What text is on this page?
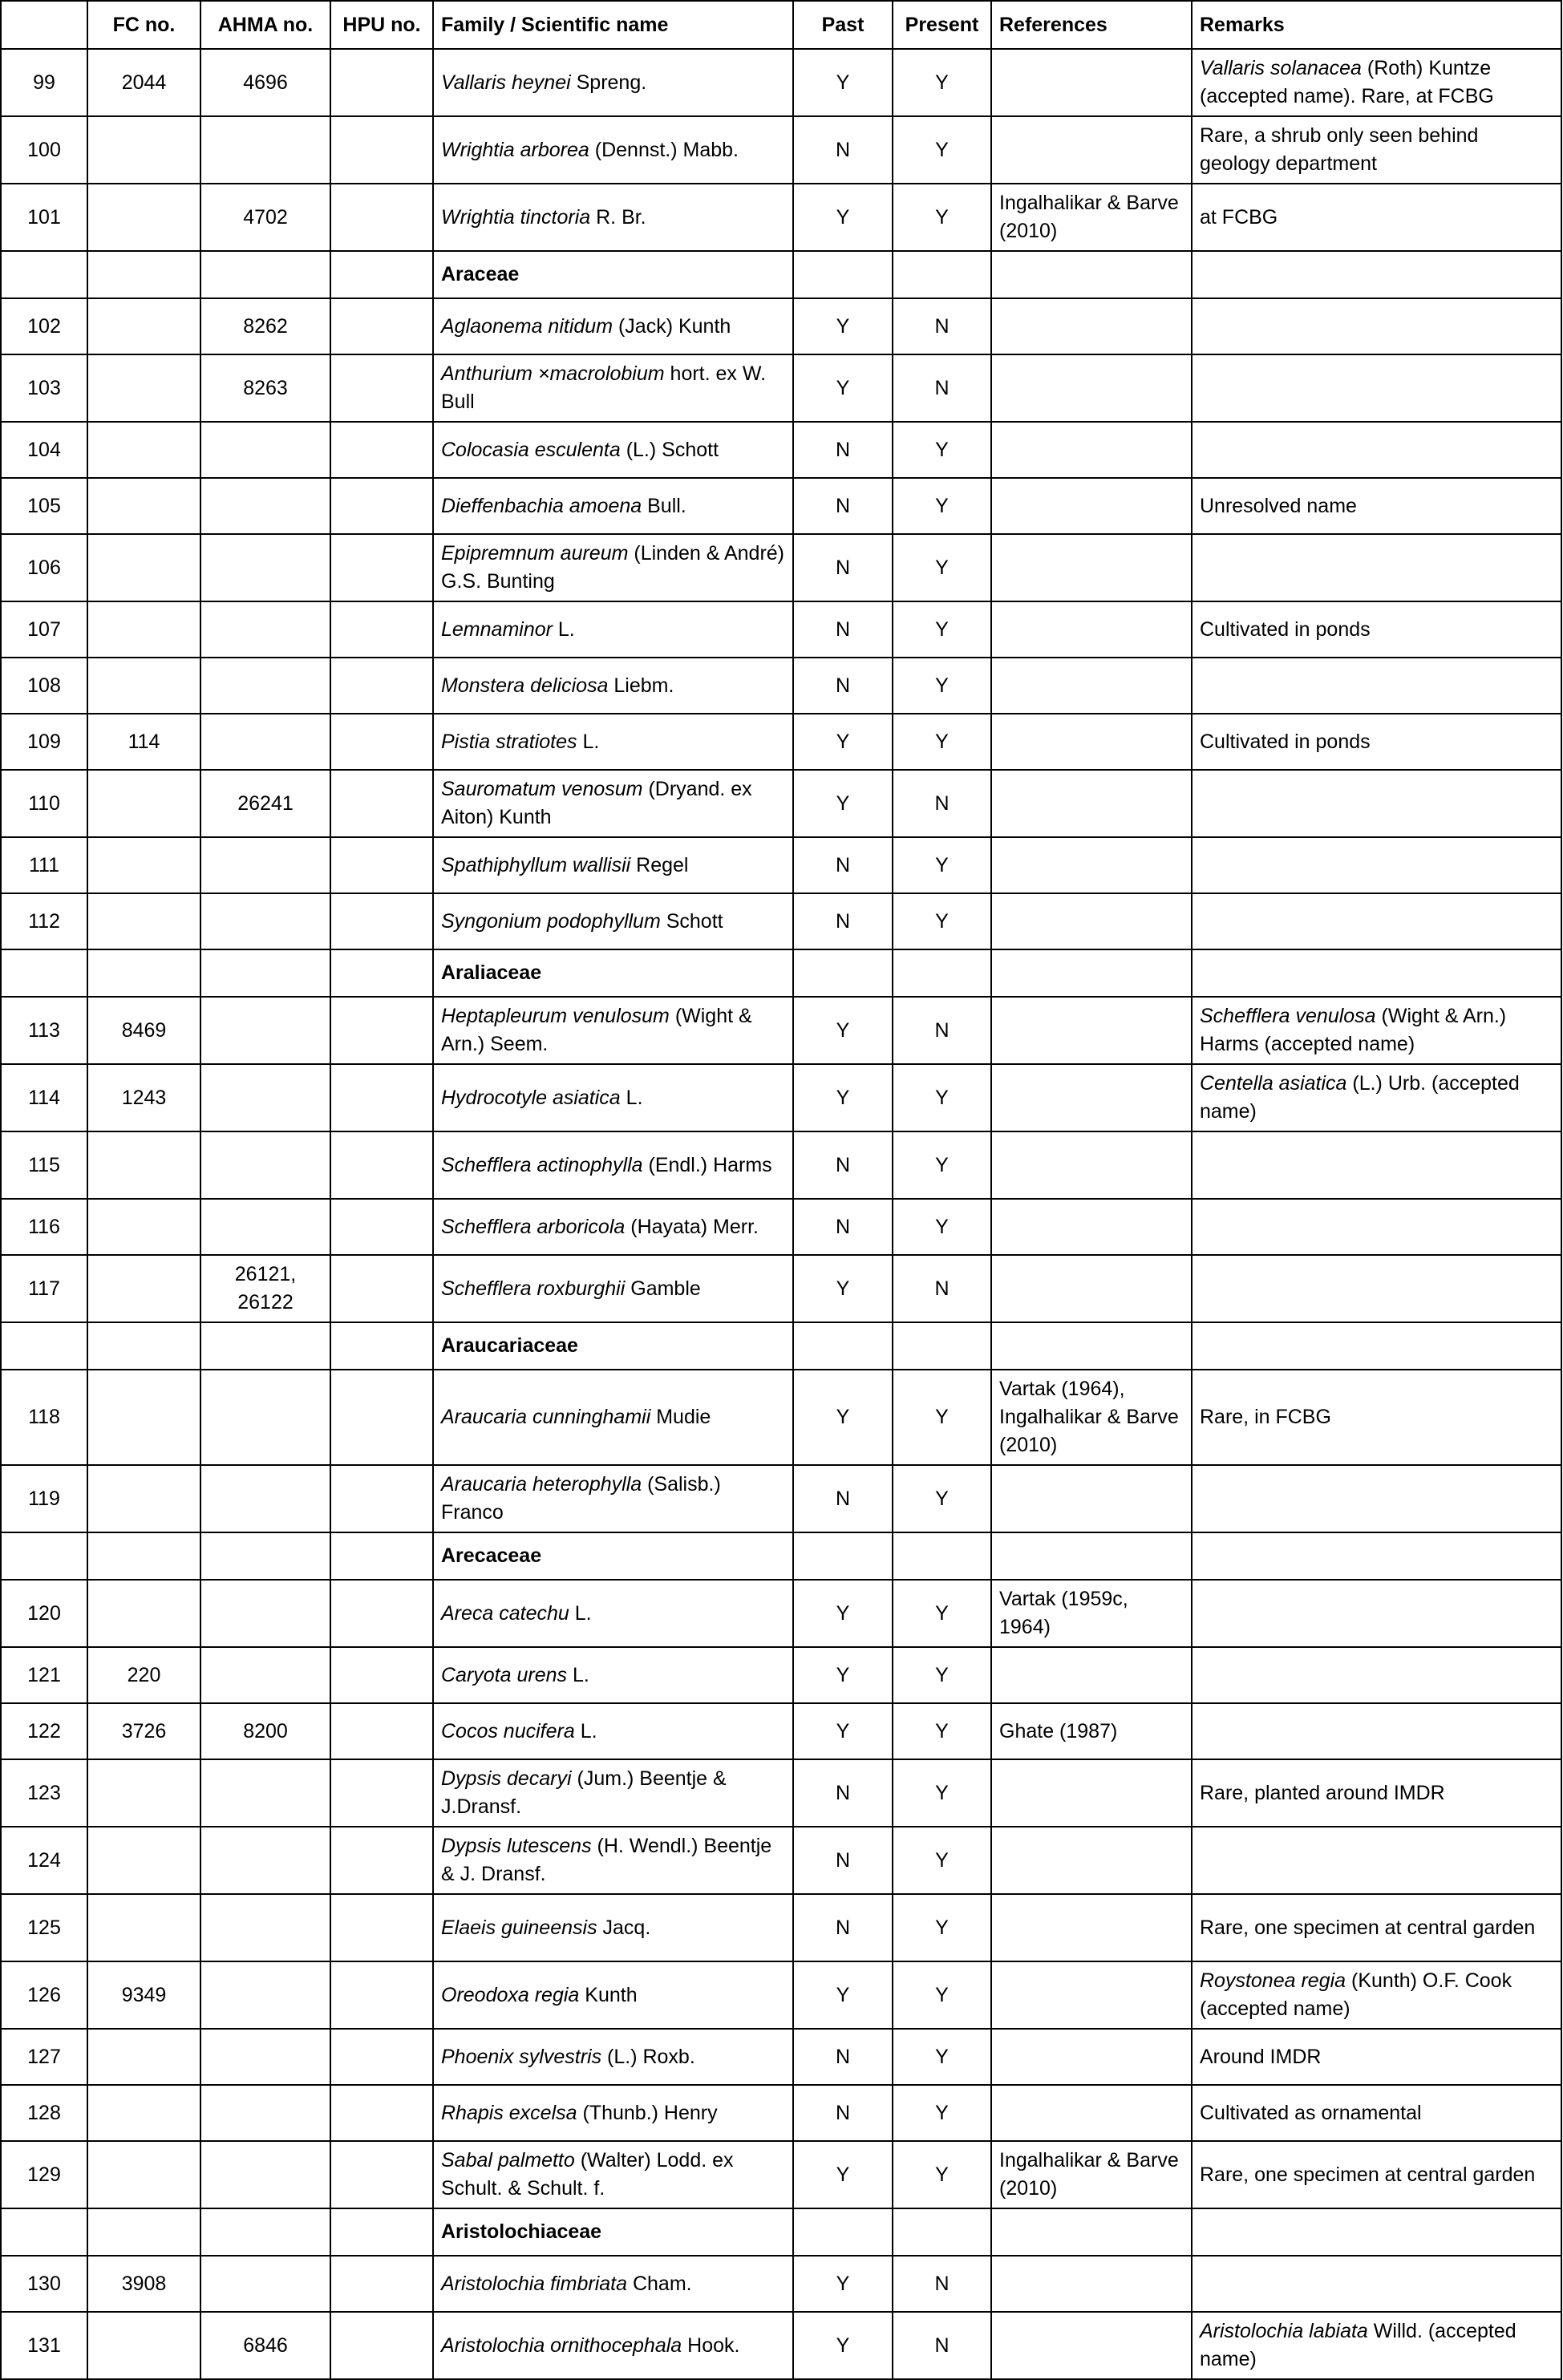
	FC no.	AHMA no.	HPU no.	Family / Scientific name	Past	Present	References	Remarks
99	2044	4696		Vallaris heynei Spreng.	Y	Y		Vallaris solanacea (Roth) Kuntze (accepted name). Rare, at FCBG
100				Wrightia arborea (Dennst.) Mabb.	N	Y		Rare, a shrub only seen behind geology department
101		4702		Wrightia tinctoria R. Br.	Y	Y	Ingalhalikar & Barve (2010)	at FCBG
				Araceae				
102		8262		Aglaonema nitidum (Jack) Kunth	Y	N		
103		8263		Anthurium ×macrolobium hort. ex W. Bull	Y	N		
104				Colocasia esculenta (L.) Schott	N	Y		
105				Dieffenbachia amoena Bull.	N	Y		Unresolved name
106				Epipremnum aureum (Linden & André) G.S. Bunting	N	Y		
107				Lemnaminor L.	N	Y		Cultivated in ponds
108				Monstera deliciosa Liebm.	N	Y		
109	114			Pistia stratiotes L.	Y	Y		Cultivated in ponds
110		26241		Sauromatum venosum (Dryand. ex Aiton) Kunth	Y	N		
111				Spathiphyllum wallisii Regel	N	Y		
112				Syngonium podophyllum Schott	N	Y		
				Araliaceae				
113	8469			Heptapleurum venulosum (Wight & Arn.) Seem.	Y	N		Schefflera venulosa (Wight & Arn.) Harms (accepted name)
114	1243			Hydrocotyle asiatica L.	Y	Y		Centella asiatica (L.) Urb. (accepted name)
115				Schefflera actinophylla (Endl.) Harms	N	Y		
116				Schefflera arboricola (Hayata) Merr.	N	Y		
117		26121, 26122		Schefflera roxburghii Gamble	Y	N		
				Araucariaceae				
118				Araucaria cunninghamii Mudie	Y	Y	Vartak (1964), Ingalhalikar & Barve (2010)	Rare, in FCBG
119				Araucaria heterophylla (Salisb.) Franco	N	Y		
				Arecaceae				
120				Areca catechu L.	Y	Y	Vartak (1959c, 1964)	
121	220			Caryota urens L.	Y	Y		
122	3726	8200		Cocos nucifera L.	Y	Y	Ghate (1987)	
123				Dypsis decaryi (Jum.) Beentje & J.Dransf.	N	Y		Rare, planted around IMDR
124				Dypsis lutescens (H. Wendl.) Beentje & J. Dransf.	N	Y		
125				Elaeis guineensis Jacq.	N	Y		Rare, one specimen at central garden
126	9349			Oreodoxa regia Kunth	Y	Y		Roystonea regia (Kunth) O.F. Cook (accepted name)
127				Phoenix sylvestris (L.) Roxb.	N	Y		Around IMDR
128				Rhapis excelsa (Thunb.) Henry	N	Y		Cultivated as ornamental
129				Sabal palmetto (Walter) Lodd. ex Schult. & Schult. f.	Y	Y	Ingalhalikar & Barve (2010)	Rare, one specimen at central garden
				Aristolochiaceae				
130	3908			Aristolochia fimbriata Cham.	Y	N		
131		6846		Aristolochia ornithocephala Hook.	Y	N		Aristolochia labiata Willd. (accepted name)
